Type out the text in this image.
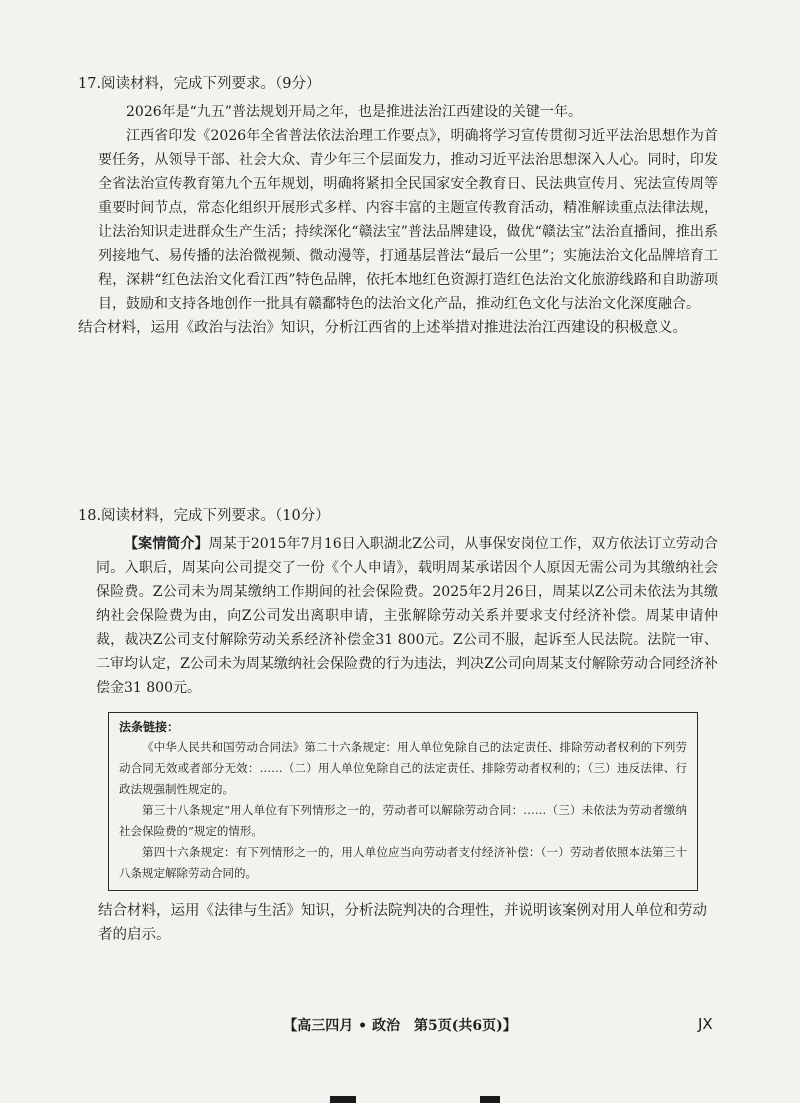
17.阅读材料，完成下列要求。（9分）

2026年是“九五”普法规划开局之年，也是推进法治江西建设的关键一年。

江西省印发《2026年全省普法依法治理工作要点》，明确将学习宣传贯彻习近平法治思想作为首要任务，从领导干部、社会大众、青少年三个层面发力，推动习近平法治思想深入人心。同时，印发全省法治宣传教育第九个五年规划，明确将紧扣全民国家安全教育日、民法典宣传月、宪法宣传周等重要时间节点，常态化组织开展形式多样、内容丰富的主题宣传教育活动，精准解读重点法律法规，让法治知识走进群众生产生活；持续深化“赣法宝”普法品牌建设，做优“赣法宝”法治直播间，推出系列接地气、易传播的法治微视频、微动漫等，打通基层普法“最后一公里”；实施法治文化品牌培育工程，深耕“红色法治文化看江西”特色品牌，依托本地红色资源打造红色法治文化旅游线路和自助游项目，鼓励和支持各地创作一批具有赣鄱特色的法治文化产品，推动红色文化与法治文化深度融合。

结合材料，运用《政治与法治》知识，分析江西省的上述举措对推进法治江西建设的积极意义。

18.阅读材料，完成下列要求。（10分）

【案情简介】周某于2015年7月16日入职湖北Z公司，从事保安岗位工作，双方依法订立劳动合同。入职后，周某向公司提交了一份《个人申请》，载明周某承诺因个人原因无需公司为其缴纳社会保险费。Z公司未为周某缴纳工作期间的社会保险费。2025年2月26日，周某以Z公司未依法为其缴纳社会保险费为由，向Z公司发出离职申请，主张解除劳动关系并要求支付经济补偿。周某申请仲裁，裁决Z公司支付解除劳动关系经济补偿金31 800元。Z公司不服，起诉至人民法院。法院一审、二审均认定，Z公司未为周某缴纳社会保险费的行为违法，判决Z公司向周某支付解除劳动合同经济补偿金31 800元。

法条链接：

《中华人民共和国劳动合同法》第二十六条规定：用人单位免除自己的法定责任、排除劳动者权利的下列劳动合同无效或者部分无效：……（二）用人单位免除自己的法定责任、排除劳动者权利的；（三）违反法律、行政法规强制性规定的。

第三十八条规定“用人单位有下列情形之一的，劳动者可以解除劳动合同：……（三）未依法为劳动者缴纳社会保险费的”规定的情形。

第四十六条规定：有下列情形之一的，用人单位应当向劳动者支付经济补偿：（一）劳动者依照本法第三十八条规定解除劳动合同的。

结合材料，运用《法律与生活》知识，分析法院判决的合理性，并说明该案例对用人单位和劳动者的启示。

【高三四月 • 政治　第5页(共6页)】	JX
